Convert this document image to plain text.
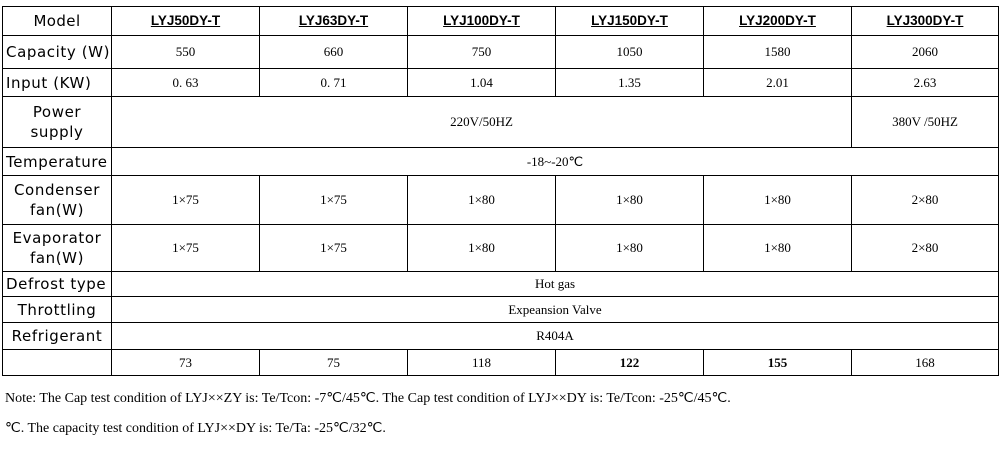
Model	LYJ50DY-T	LYJ63DY-T	LYJ100DY-T	LYJ150DY-T	LYJ200DY-T	LYJ300DY-T
Capacity (W)	550	660	750	1050	1580	2060
Input (KW)	0. 63	0. 71	1.04	1.35	2.01	2.63

Power
supply	220V/50HZ					380V /50HZ
Temperature	-18~-20℃					

Condenser
fan(W)	1×75	1×75	1×80	1×80	1×80	2×80

Evaporator
fan(W)	1×75	1×75	1×80	1×80	1×80	2×80
Defrost type	Hot gas					
Throttling	Expeansion Valve					
Refrigerant	R404A					
	73	75	118	122	155	168
Note: The Cap test condition of LYJ××ZY is: Te/Tcon: -7℃/45℃. The Cap test condition of LYJ××DY is: Te/Tcon: -25℃/45℃.
℃. The capacity test condition of LYJ××DY is: Te/Ta: -25℃/32℃.
